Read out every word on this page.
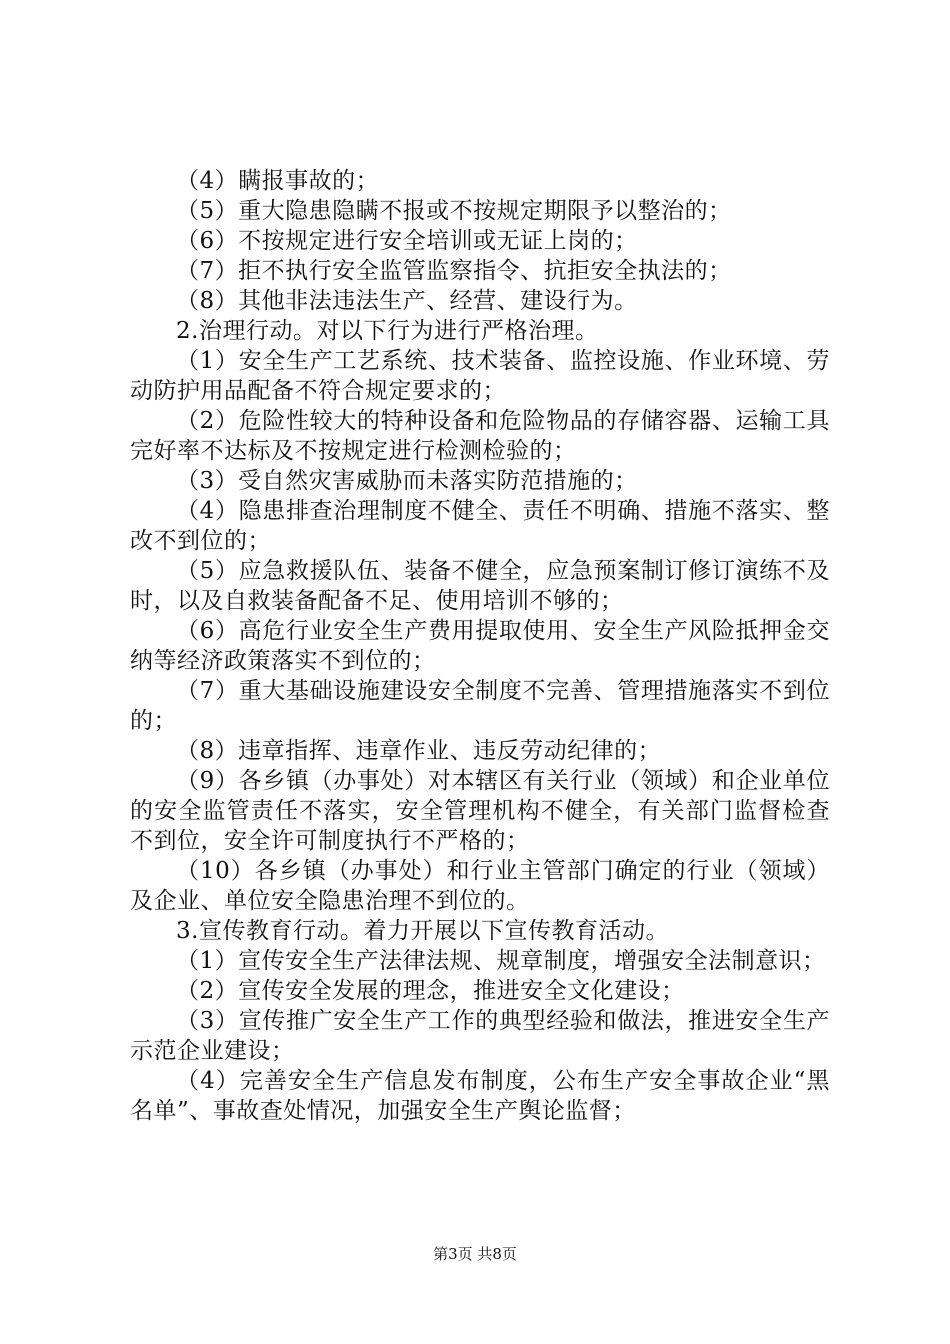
（4）瞒报事故的；

（5）重大隐患隐瞒不报或不按规定期限予以整治的；

（6）不按规定进行安全培训或无证上岗的；

（7）拒不执行安全监管监察指令、抗拒安全执法的；

（8）其他非法违法生产、经营、建设行为。

2.治理行动。对以下行为进行严格治理。

（1）安全生产工艺系统、技术装备、监控设施、作业环境、劳动防护用品配备不符合规定要求的；

（2）危险性较大的特种设备和危险物品的存储容器、运输工具完好率不达标及不按规定进行检测检验的；

（3）受自然灾害威胁而未落实防范措施的；

（4）隐患排查治理制度不健全、责任不明确、措施不落实、整改不到位的；

（5）应急救援队伍、装备不健全，应急预案制订修订演练不及时，以及自救装备配备不足、使用培训不够的；

（6）高危行业安全生产费用提取使用、安全生产风险抵押金交纳等经济政策落实不到位的；

（7）重大基础设施建设安全制度不完善、管理措施落实不到位的；

（8）违章指挥、违章作业、违反劳动纪律的；

（9）各乡镇（办事处）对本辖区有关行业（领域）和企业单位的安全监管责任不落实，安全管理机构不健全，有关部门监督检查不到位，安全许可制度执行不严格的；

（10）各乡镇（办事处）和行业主管部门确定的行业（领域）及企业、单位安全隐患治理不到位的。

3.宣传教育行动。着力开展以下宣传教育活动。

（1）宣传安全生产法律法规、规章制度，增强安全法制意识；

（2）宣传安全发展的理念，推进安全文化建设；

（3）宣传推广安全生产工作的典型经验和做法，推进安全生产示范企业建设；

（4）完善安全生产信息发布制度，公布生产安全事故企业“黑名单”、事故查处情况，加强安全生产舆论监督；

第3页 共8页
